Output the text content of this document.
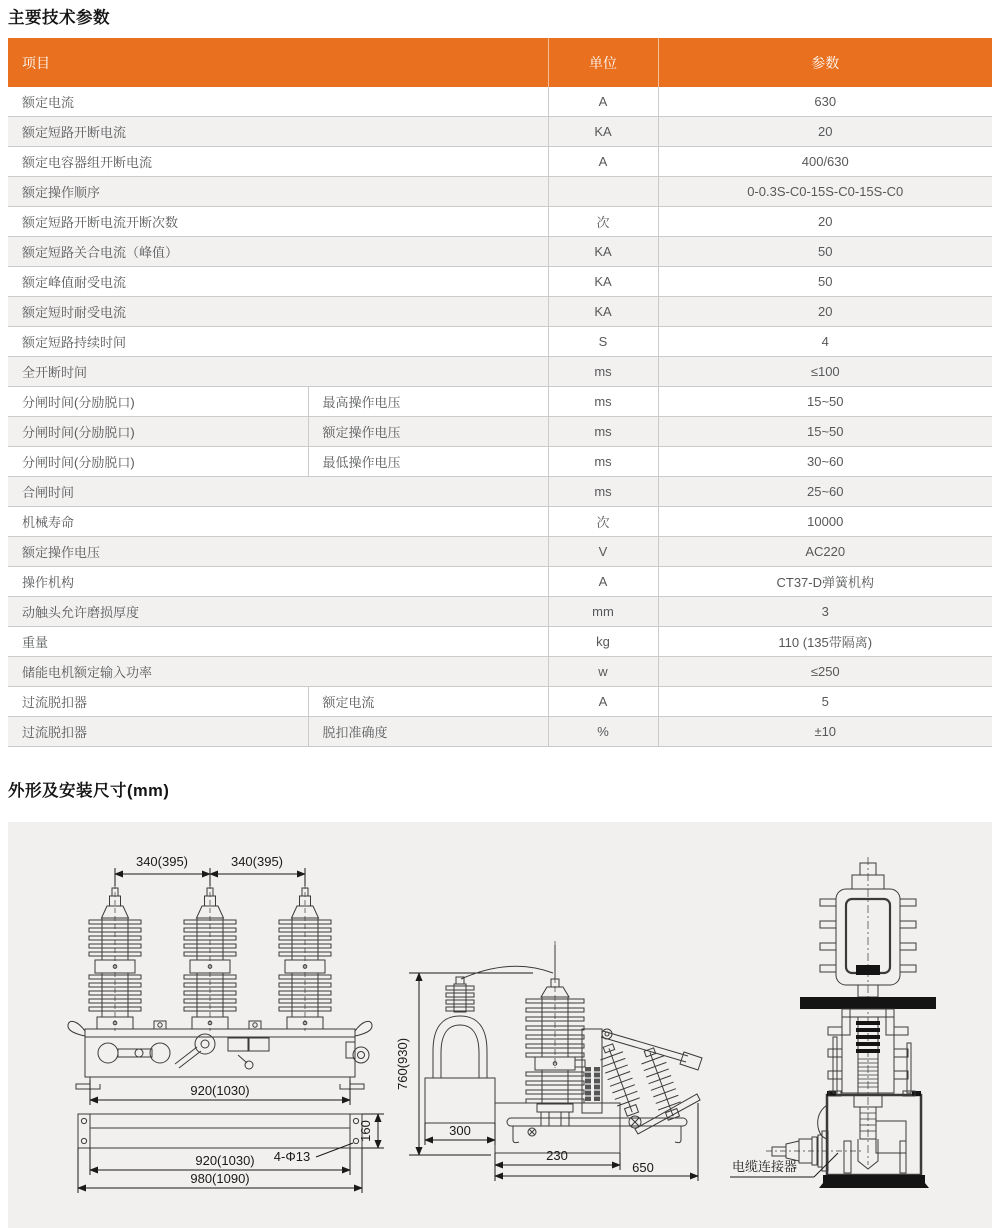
主要技术参数
项目		单位	参数
额定电流		A	630
额定短路开断电流		KA	20
额定电容器组开断电流		A	400/630
额定操作顺序			0-0.3S-C0-15S-C0-15S-C0
额定短路开断电流开断次数		次	20
额定短路关合电流（峰值）		KA	50
额定峰值耐受电流		KA	50
额定短时耐受电流		KA	20
额定短路持续时间		S	4
全开断时间		ms	≤100
分闸时间(分励脱口)	最高操作电压	ms	15~50
分闸时间(分励脱口)	额定操作电压	ms	15~50
分闸时间(分励脱口)	最低操作电压	ms	30~60
合闸时间		ms	25~60
机械寿命		次	10000
额定操作电压		V	AC220
操作机构		A	CT37-D弹簧机构
动触头允许磨损厚度		mm	3
重量		kg	110 (135带隔离)
储能电机额定输入功率		w	≤250
过流脱扣器	额定电流	A	5
过流脱扣器	脱扣准确度	%	±10
外形及安装尺寸(mm)
340(395)	340(395)
920(1030)
160
4-Φ13
920(1030)
980(1090)
760(930)
300
230
650	电缆连接器
